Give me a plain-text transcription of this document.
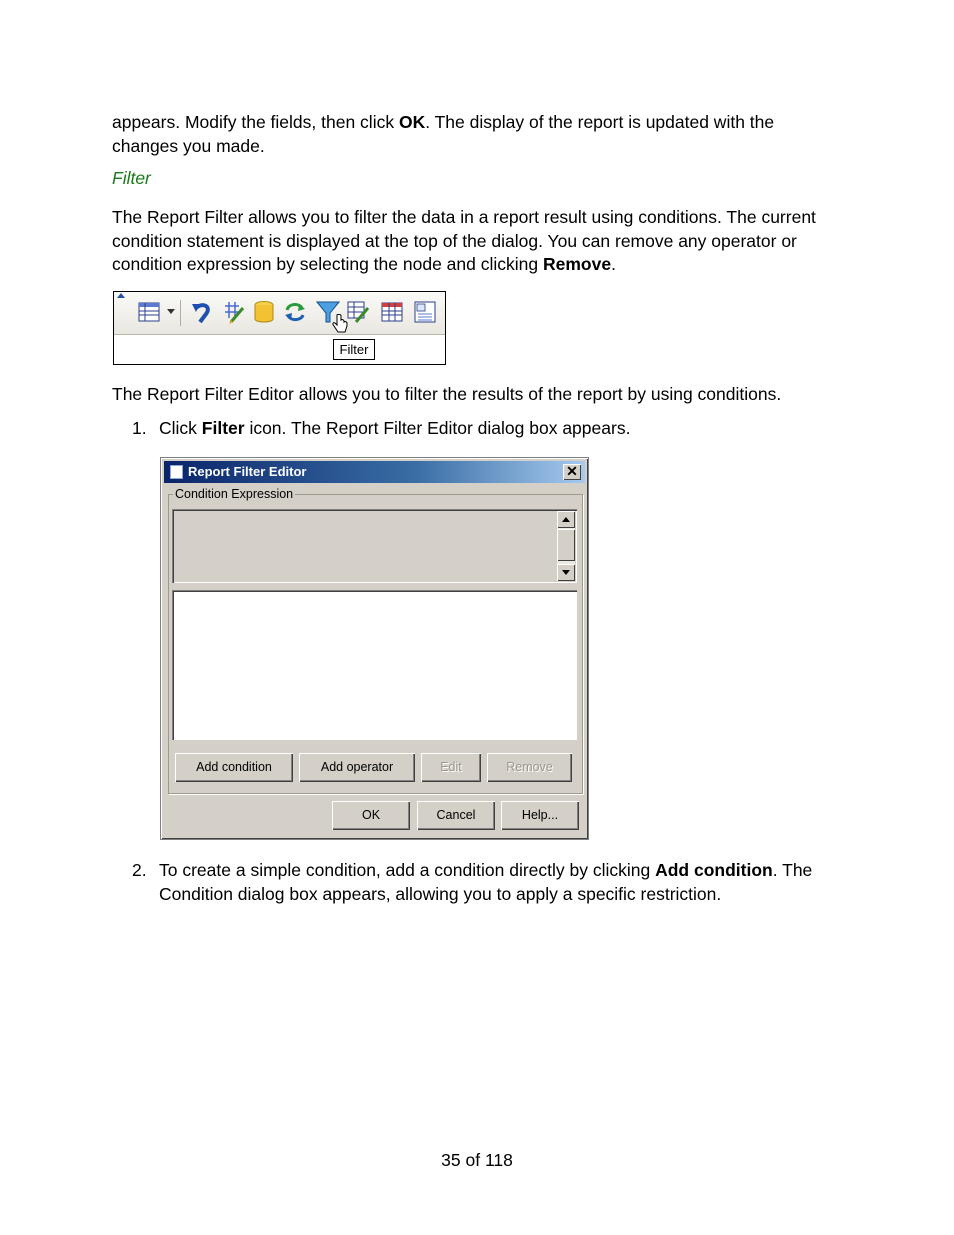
appears. Modify the fields, then click OK. The display of the report is updated with the changes you made.

Filter

The Report Filter allows you to filter the data in a report result using conditions. The current condition statement is displayed at the top of the dialog. You can remove any operator or condition expression by selecting the node and clicking Remove.

Filter

The Report Filter Editor allows you to filter the results of the report by using conditions.

1. Click Filter icon. The Report Filter Editor dialog box appears.
Report Filter Editor	✕
Condition Expression
Add condition	Add operator	Edit	Remove
OK	Cancel	Help...
2. To create a simple condition, add a condition directly by clicking Add condition. The Condition dialog box appears, allowing you to apply a specific restriction.
35 of 118
